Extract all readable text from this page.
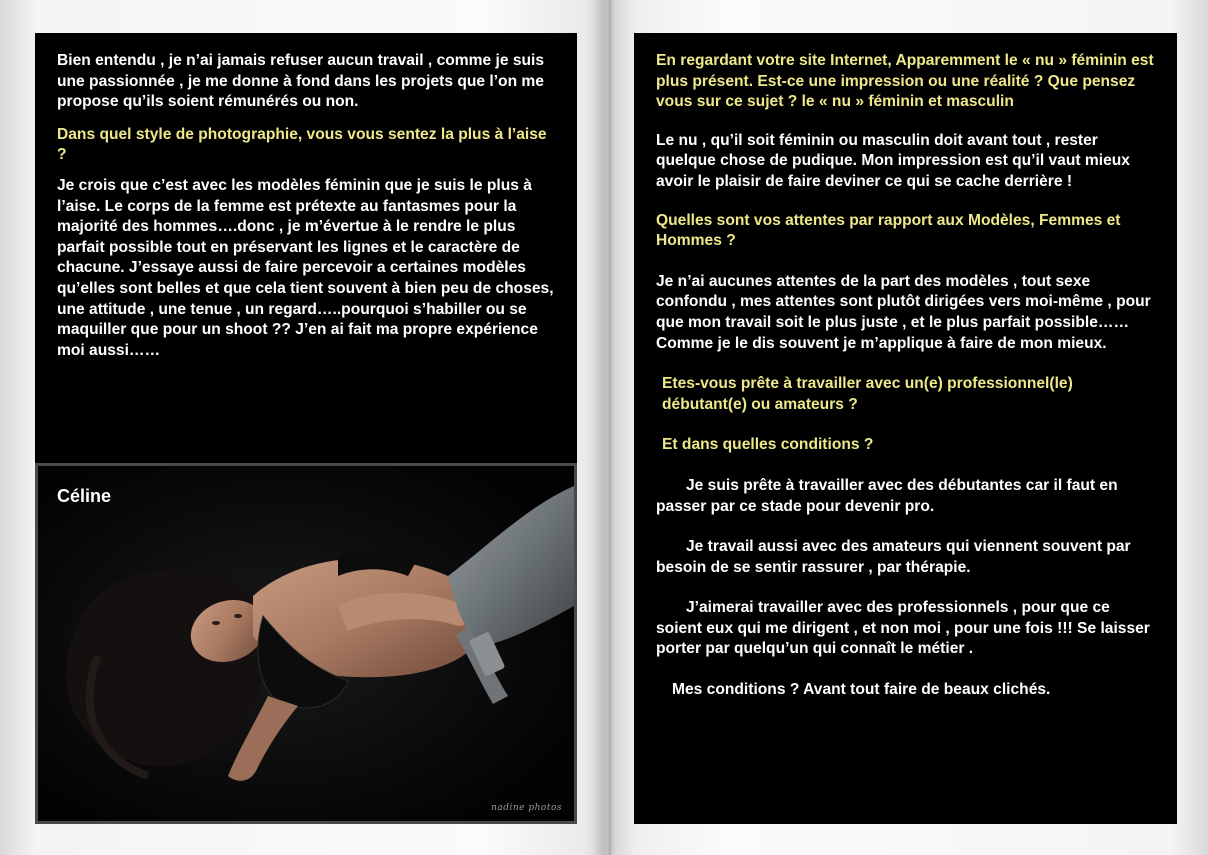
Bien entendu , je n’ai jamais refuser aucun travail , comme je suis une passionnée , je me donne à fond dans les projets que l’on me propose qu’ils soient rémunérés ou non.

Dans quel style de photographie, vous vous sentez la plus à l’aise ?

Je crois que c’est avec les modèles féminin que je suis le plus à l’aise. Le corps de la femme est prétexte au fantasmes pour la majorité des hommes….donc , je m’évertue à le rendre le plus parfait possible tout en préservant les lignes et le caractère de chacune. J’essaye aussi de faire percevoir a certaines modèles qu’elles sont belles et que cela tient souvent à bien peu de choses, une attitude , une tenue , un regard…..pourquoi s’habiller ou se maquiller que pour un shoot ?? J’en ai fait ma propre expérience moi aussi……

Céline
nadine photos

En regardant votre site Internet, Apparemment le « nu » féminin est plus présent. Est-ce une impression ou une réalité ? Que pensez vous sur ce sujet ? le « nu » féminin et masculin

Le nu , qu’il soit féminin ou masculin doit avant tout , rester quelque chose de pudique. Mon impression est qu’il vaut mieux avoir le plaisir de faire deviner ce qui se cache derrière !

Quelles sont vos attentes par rapport aux Modèles, Femmes et Hommes ?

Je n’ai aucunes attentes de la part des modèles , tout sexe confondu , mes attentes sont plutôt dirigées vers moi-même , pour que mon travail soit le plus juste , et le plus parfait possible……Comme je le dis souvent je m’applique à faire de mon mieux.

Etes-vous prête à travailler avec un(e) professionnel(le) débutant(e) ou amateurs ?

Et dans quelles conditions ?

Je suis prête à travailler avec des débutantes car il faut en passer par ce stade pour devenir pro.

Je travail aussi avec des amateurs qui viennent souvent par besoin de se sentir rassurer , par thérapie.

J’aimerai travailler avec des professionnels , pour que ce soient eux qui me dirigent , et non moi , pour une fois !!! Se laisser porter par quelqu’un qui connaît le métier .

Mes conditions ? Avant tout faire de beaux clichés.
